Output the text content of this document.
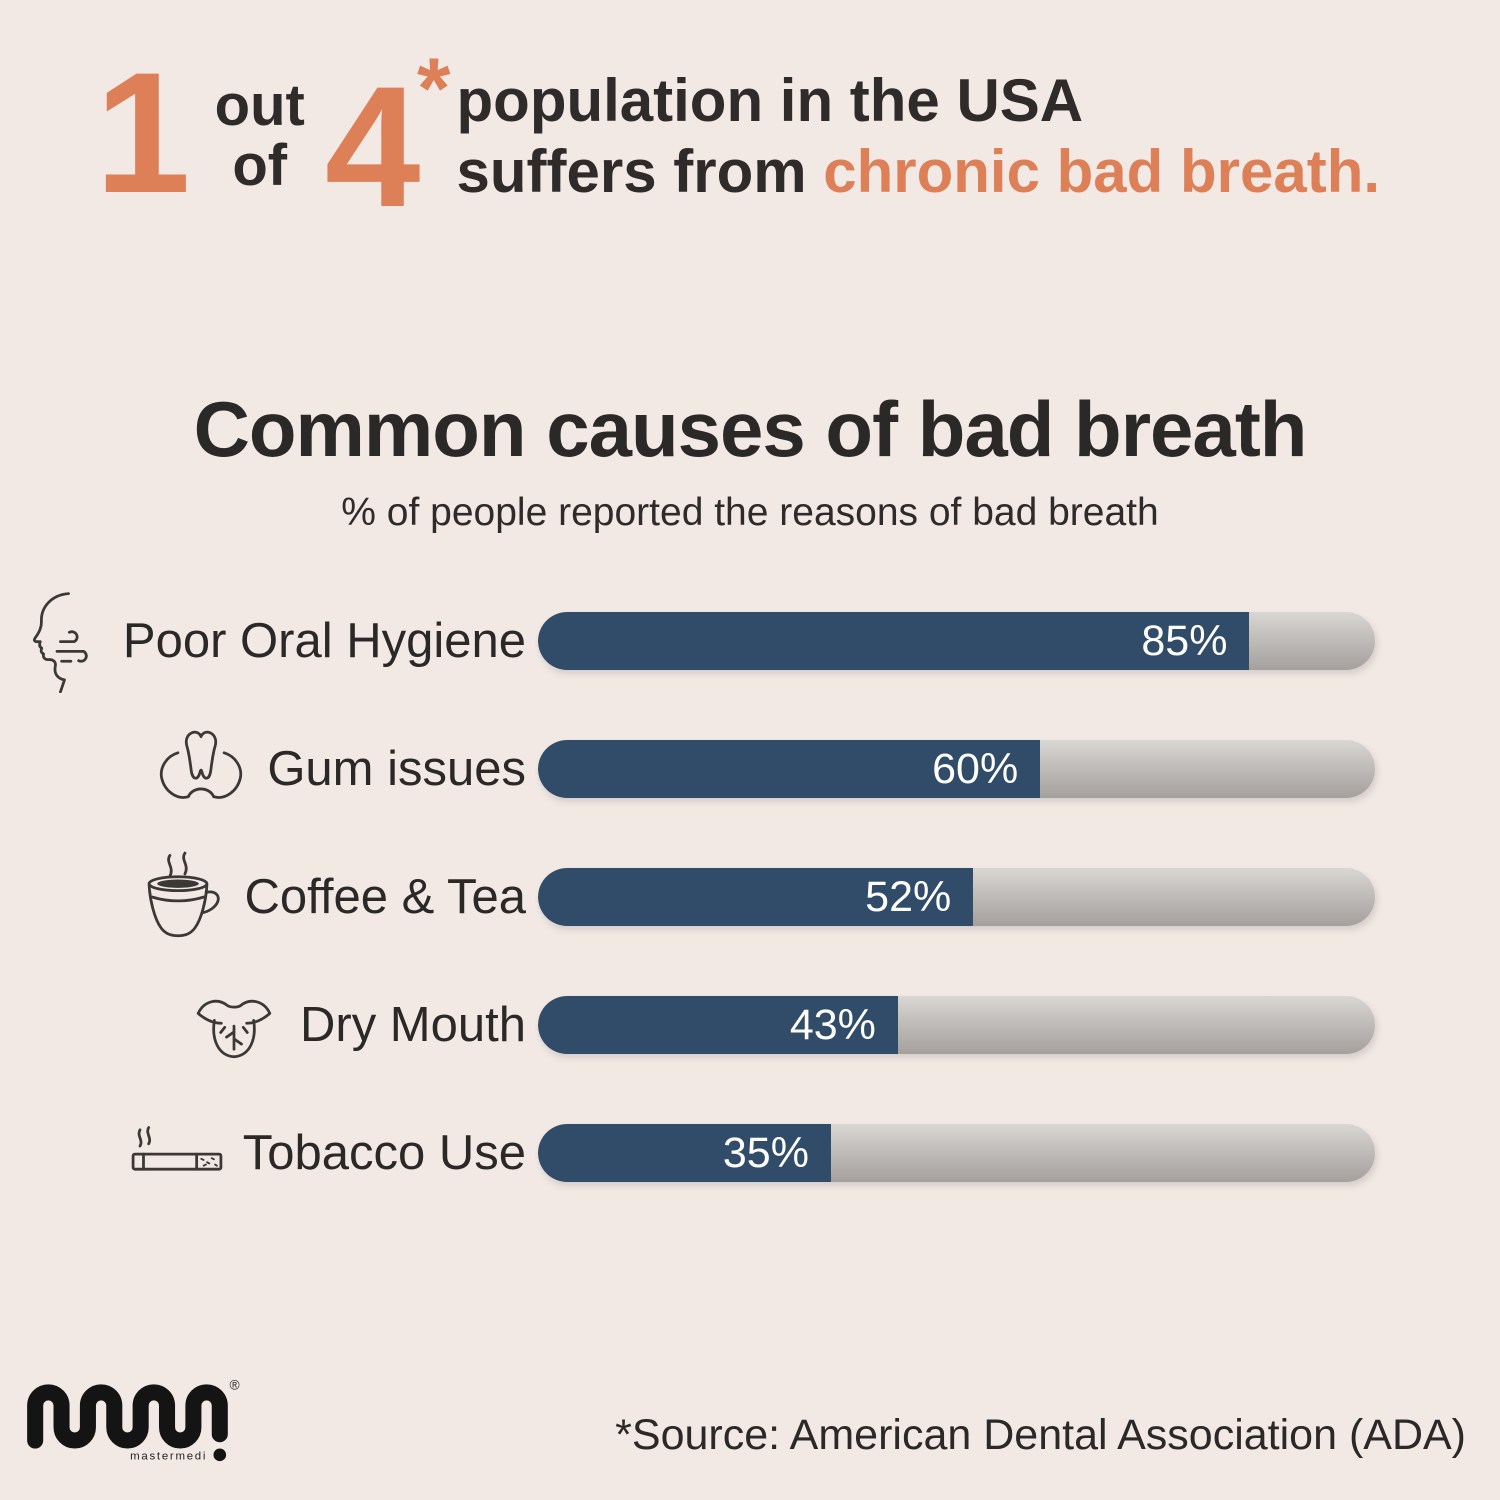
1 out
of 4
* population in the USA
suffers from chronic bad breath.
Common causes of bad breath
% of people reported the reasons of bad breath
Poor Oral Hygiene	85%
Gum issues	60%
Coffee & Tea	52%
Dry Mouth	43%
Tobacco Use	35%
mastermedi
®
*Source: American Dental Association (ADA)
